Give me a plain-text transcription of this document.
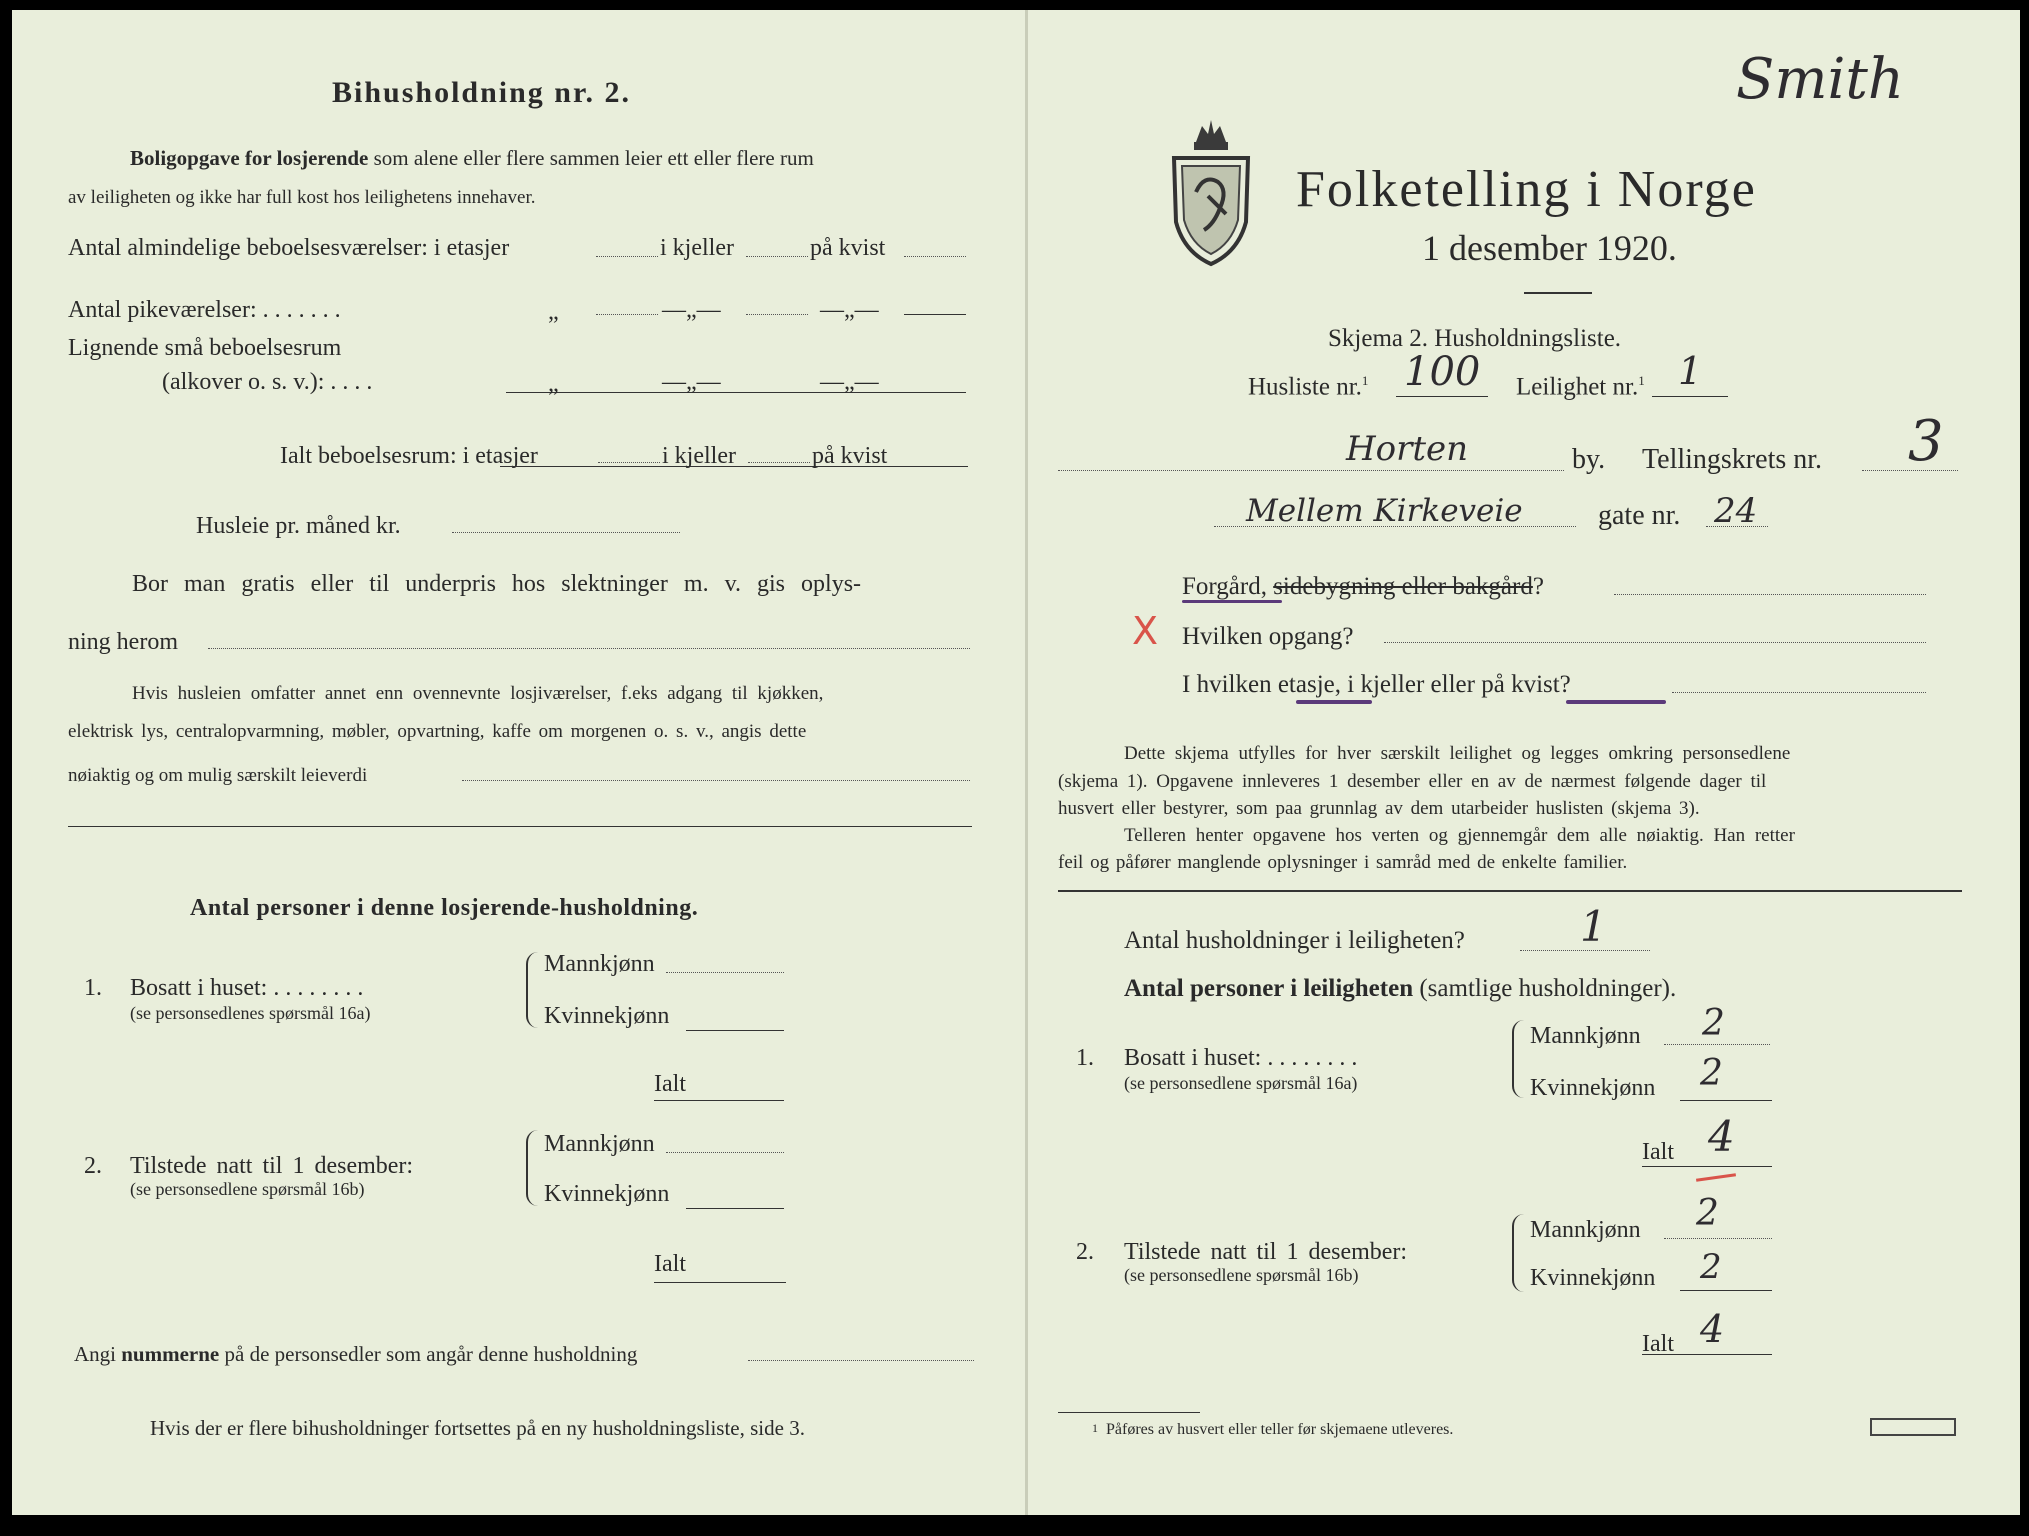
Bihusholdning nr. 2.
Boligopgave for losjerende som alene eller flere sammen leier ett eller flere rum
av leiligheten og ikke har full kost hos leilighetens innehaver.
Antal almindelige beboelsesværelser: i etasjer	i kjeller	på kvist
Antal pikeværelser: . . . . . . .	„	—„—	—„—
Lignende små beboelsesrum
(alkover o. s. v.): . . . .	„	—„—	—„—
Ialt beboelsesrum: i etasjer	i kjeller	på kvist
Husleie pr. måned kr.
Bor man gratis eller til underpris hos slektninger m. v. gis oplys-
ning herom
Hvis husleien omfatter annet enn ovennevnte losjiværelser, f.eks adgang til kjøkken,
elektrisk lys, centralopvarmning, møbler, opvartning, kaffe om morgenen o. s. v., angis dette
nøiaktig og om mulig særskilt leieverdi
Antal personer i denne losjerende-husholdning.
1. Bosatt i huset: . . . . . . . .
(se personsedlenes spørsmål 16a)
Mannkjønn
Kvinnekjønn
Ialt
2. Tilstede natt til 1 desember:
(se personsedlene spørsmål 16b)
Mannkjønn
Kvinnekjønn
Ialt
Angi nummerne på de personsedler som angår denne husholdning
Hvis der er flere bihusholdninger fortsettes på en ny husholdningsliste, side 3.
Smith
Folketelling i Norge
1 desember 1920.
Skjema 2. Husholdningsliste.
Husliste nr.$^1$ 100 Leilighet nr.$^1$ 1
Horten	by. Tellingskrets nr. 3
Mellem Kirkeveie	gate nr. 24
Forgård, sidebygning eller bakgård?
X Hvilken opgang?
I hvilken etasje, i kjeller eller på kvist?
Dette skjema utfylles for hver særskilt leilighet og legges omkring personsedlene
(skjema 1). Opgavene innleveres 1 desember eller en av de nærmest følgende dager til
husvert eller bestyrer, som paa grunnlag av dem utarbeider huslisten (skjema 3).
Telleren henter opgavene hos verten og gjennemgår dem alle nøiaktig. Han retter
feil og påfører manglende oplysninger i samråd med de enkelte familier.
Antal husholdninger i leiligheten?	1
Antal personer i leiligheten (samtlige husholdninger).
1. Bosatt i huset: . . . . . . . .
(se personsedlene spørsmål 16a)
Mannkjønn 2
Kvinnekjønn 2
Ialt 4
2. Tilstede natt til 1 desember:
(se personsedlene spørsmål 16b)
Mannkjønn 2
Kvinnekjønn 2
Ialt 4
$^1$ Påføres av husvert eller teller før skjemaene utleveres.
